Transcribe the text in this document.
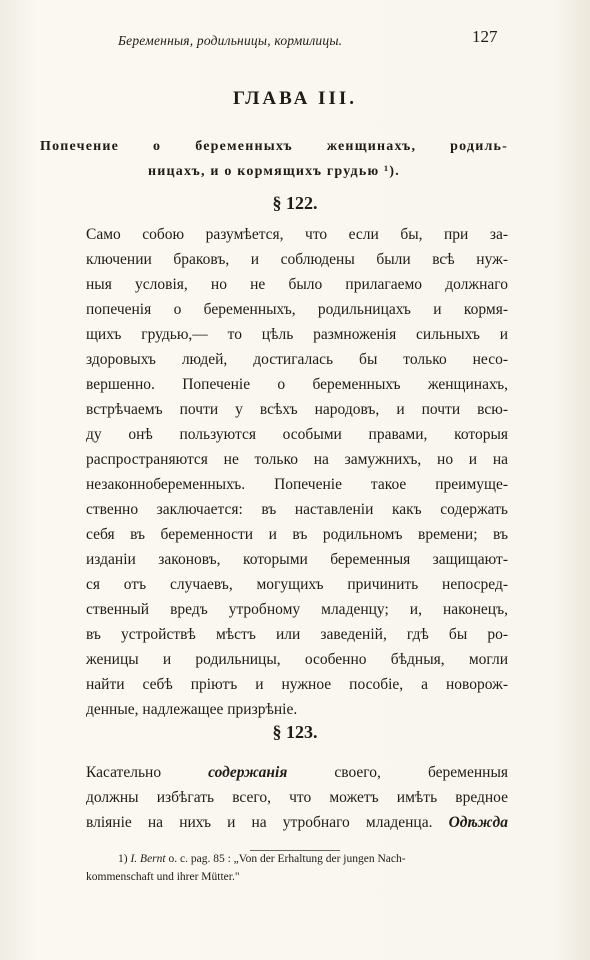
Беременныя, родильницы, кормилицы.	127
ГЛАВА III.
Попечение о беременныхъ женщинахъ, родиль-
ницахъ, и о кормящихъ грудью ¹).
§ 122.
Само собою разумѣется, что если бы, при за-
ключении браковъ, и соблюдены были всѣ нуж-
ныя условія, но не было прилагаемо должнаго
попеченія о беременныхъ, родильницахъ и кормя-
щихъ грудью,— то цѣль размноженія сильныхъ и
здоровыхъ людей, достигалась бы только несо-
вершенно. Попеченіе о беременныхъ женщинахъ,
встрѣчаемъ почти у всѣхъ народовъ, и почти всю-
ду онѣ пользуются особыми правами, которыя
распространяются не только на замужнихъ, но и на
незаконнобеременныхъ. Попеченіе такое преимуще-
ственно заключается: въ наставленіи какъ содержать
себя въ беременности и въ родильномъ времени; въ
изданіи законовъ, которыми беременныя защищают-
ся отъ случаевъ, могущихъ причинить непосред-
ственный вредъ утробному младенцу; и, наконецъ,
въ устройствѣ мѣстъ или заведеній, гдѣ бы ро-
женицы и родильницы, особенно бѣдныя, могли
найти себѣ пріютъ и нужное пособіе, а новорож-
денные, надлежащее призрѣніе.
§ 123.
Касательно содержанія своего, беременныя
должны избѣгать всего, что можетъ имѣть вредное
вліяніе на нихъ и на утробнаго младенца. Одѣжда
1) I. Bernt o. c. pag. 85 : „Von der Erhaltung der jungen Nach-
kommenschaft und ihrer Mütter."
